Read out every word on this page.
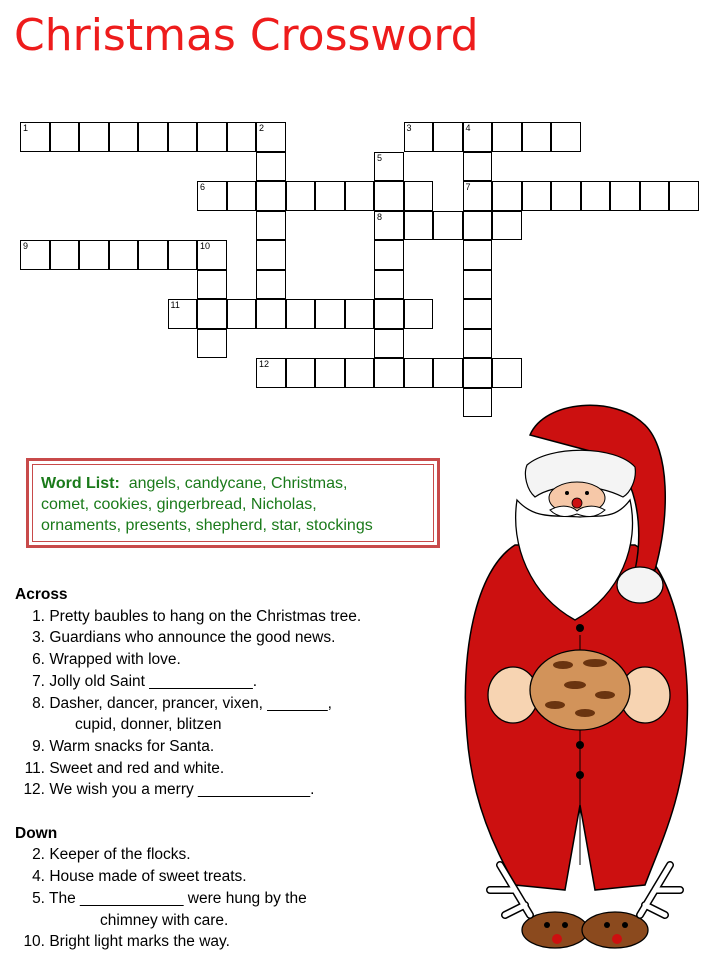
Christmas Crossword
1	2	3	4
5
6	7
8
9	10
11
12
Word List: angels, candycane, Christmas,
comet, cookies, gingerbread, Nicholas,
ornaments, presents, shepherd, star, stockings
Across
1. Pretty baubles to hang on the Christmas tree.
3. Guardians who announce the good news.
6. Wrapped with love.
7. Jolly old Saint ____________.
8. Dasher, dancer, prancer, vixen, _______,
cupid, donner, blitzen
9. Warm snacks for Santa.
11. Sweet and red and white.
12. We wish you a merry _____________.
Down
2. Keeper of the flocks.
4. House made of sweet treats.
5. The ____________ were hung by the
chimney with care.
10. Bright light marks the way.
